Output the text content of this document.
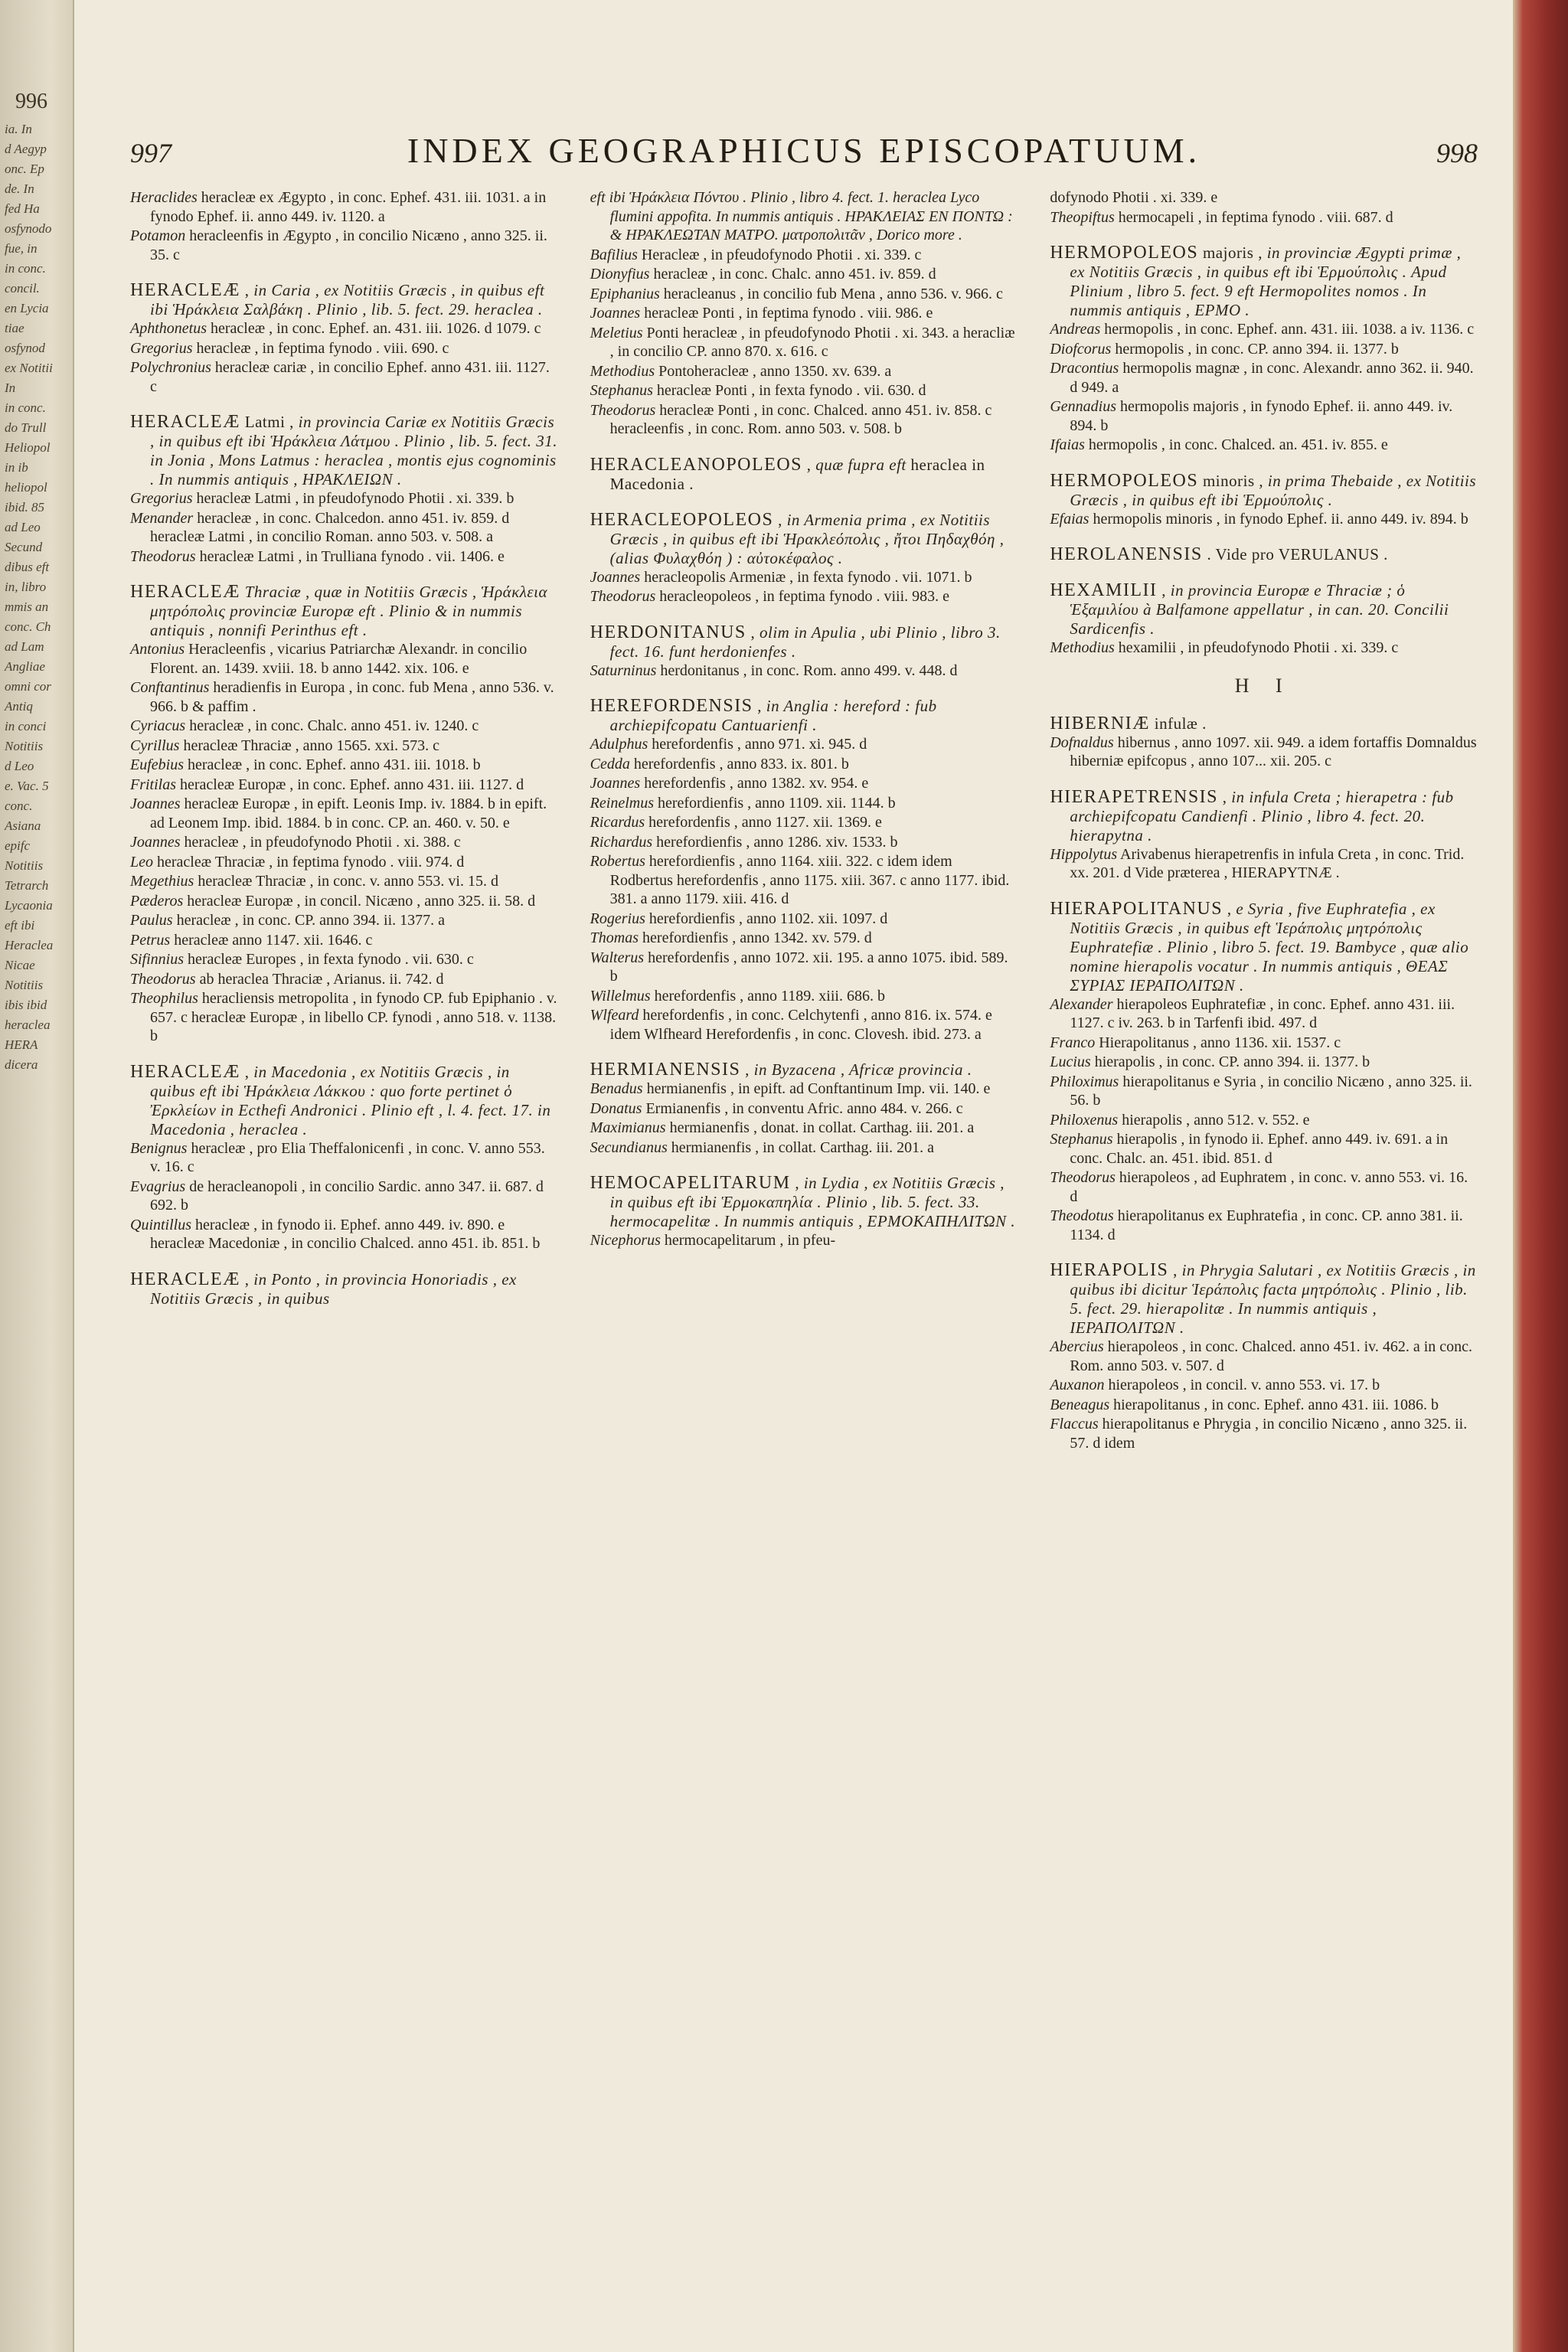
996
ia. In
d Aegyp
onc. Ep
de. In
fed Ha
osfynodo
fue, in
in conc.
concil.
en Lycia
tiae
osfynod
ex Notitii
In
in conc.
do Trull
Heliopol
in ib
heliopol
ibid. 85
ad Leo
Secund
dibus eft
in, libro
mmis an
conc. Ch
ad Lam
Angliae
omni cor
Antiq
in conci
Notitiis
d Leo
e. Vac. 5
conc.
Asiana
epifc
Notitiis
Tetrarch
Lycaonia
eft ibi
Heraclea
Nicae
Notitiis
ibis ibid
heraclea
HERA
dicera
997	INDEX GEOGRAPHICUS EPISCOPATUUM.	998
Heraclides heracleæ ex Ægypto , in conc. Ephef. 431. iii. 1031. a in fynodo Ephef. ii. anno 449. iv. 1120. a
Potamon heracleenfis in Ægypto , in concilio Nicæno , anno 325. ii. 35. c
HERACLEÆ , in Caria , ex Notitiis Græcis , in quibus eft ibi Ἡράκλεια Σαλβάκη . Plinio , lib. 5. fect. 29. heraclea .
Aphthonetus heracleæ , in conc. Ephef. an. 431. iii. 1026. d 1079. c
Gregorius heracleæ , in feptima fynodo . viii. 690. c
Polychronius heracleæ cariæ , in concilio Ephef. anno 431. iii. 1127. c
HERACLEÆ Latmi , in provincia Cariæ ex Notitiis Græcis , in quibus eft ibi Ἡράκλεια Λάτμου . Plinio , lib. 5. fect. 31. in Jonia , Mons Latmus : heraclea , montis ejus cognominis . In nummis antiquis , ΗΡΑΚΛΕΙΩΝ .
Gregorius heracleæ Latmi , in pfeudofynodo Photii . xi. 339. b
Menander heracleæ , in conc. Chalcedon. anno 451. iv. 859. d heracleæ Latmi , in concilio Roman. anno 503. v. 508. a
Theodorus heracleæ Latmi , in Trulliana fynodo . vii. 1406. e
HERACLEÆ Thraciæ , quæ in Notitiis Græcis , Ἡράκλεια μητρόπολις provinciæ Europæ eft . Plinio & in nummis antiquis , nonnifi Perinthus eft .
Antonius Heracleenfis , vicarius Patriarchæ Alexandr. in concilio Florent. an. 1439. xviii. 18. b anno 1442. xix. 106. e
Conftantinus heradienfis in Europa , in conc. fub Mena , anno 536. v. 966. b & paffim .
Cyriacus heracleæ , in conc. Chalc. anno 451. iv. 1240. c
Cyrillus heracleæ Thraciæ , anno 1565. xxi. 573. c
Eufebius heracleæ , in conc. Ephef. anno 431. iii. 1018. b
Fritilas heracleæ Europæ , in conc. Ephef. anno 431. iii. 1127. d
Joannes heracleæ Europæ , in epift. Leonis Imp. iv. 1884. b in epift. ad Leonem Imp. ibid. 1884. b in conc. CP. an. 460. v. 50. e
Joannes heracleæ , in pfeudofynodo Photii . xi. 388. c
Leo heracleæ Thraciæ , in feptima fynodo . viii. 974. d
Megethius heracleæ Thraciæ , in conc. v. anno 553. vi. 15. d
Pæderos heracleæ Europæ , in concil. Nicæno , anno 325. ii. 58. d
Paulus heracleæ , in conc. CP. anno 394. ii. 1377. a
Petrus heracleæ anno 1147. xii. 1646. c
Sifinnius heracleæ Europes , in fexta fynodo . vii. 630. c
Theodorus ab heraclea Thraciæ , Arianus. ii. 742. d
Theophilus heracliensis metropolita , in fynodo CP. fub Epiphanio . v. 657. c heracleæ Europæ , in libello CP. fynodi , anno 518. v. 1138. b
HERACLEÆ , in Macedonia , ex Notitiis Græcis , in quibus eft ibi Ἡράκλεια Λάκκου : quo forte pertinet ὁ Ἐρκλείων in Ecthefi Andronici . Plinio eft , l. 4. fect. 17. in Macedonia , heraclea .
Benignus heracleæ , pro Elia Theffalonicenfi , in conc. V. anno 553. v. 16. c
Evagrius de heracleanopoli , in concilio Sardic. anno 347. ii. 687. d 692. b
Quintillus heracleæ , in fynodo ii. Ephef. anno 449. iv. 890. e heracleæ Macedoniæ , in concilio Chalced. anno 451. ib. 851. b
HERACLEÆ , in Ponto , in provincia Honoriadis , ex Notitiis Græcis , in quibus
eft ibi Ἡράκλεια Πόντου . Plinio , libro 4. fect. 1. heraclea Lyco flumini appofita. In nummis antiquis . ΗΡΑΚΛΕΙΑΣ ΕΝ ΠΟΝΤΩ : & ΗΡΑΚΛΕΩΤΑΝ ΜΑΤΡΟ. ματροπολιτᾶν , Dorico more .
Bafilius Heracleæ , in pfeudofynodo Photii . xi. 339. c
Dionyfius heracleæ , in conc. Chalc. anno 451. iv. 859. d
Epiphanius heracleanus , in concilio fub Mena , anno 536. v. 966. c
Joannes heracleæ Ponti , in feptima fynodo . viii. 986. e
Meletius Ponti heracleæ , in pfeudofynodo Photii . xi. 343. a heracliæ , in concilio CP. anno 870. x. 616. c
Methodius Pontoheracleæ , anno 1350. xv. 639. a
Stephanus heracleæ Ponti , in fexta fynodo . vii. 630. d
Theodorus heracleæ Ponti , in conc. Chalced. anno 451. iv. 858. c heracleenfis , in conc. Rom. anno 503. v. 508. b
HERACLEANOPOLEOS , quæ fupra eft heraclea in Macedonia .
HERACLEOPOLEOS , in Armenia prima , ex Notitiis Græcis , in quibus eft ibi Ἡρακλεόπολις , ἤτοι Πηδαχθόη , (alias Φυλαχθόη ) : αὐτοκέφαλος .
Joannes heracleopolis Armeniæ , in fexta fynodo . vii. 1071. b
Theodorus heracleopoleos , in feptima fynodo . viii. 983. e
HERDONITANUS , olim in Apulia , ubi Plinio , libro 3. fect. 16. funt herdonienfes .
Saturninus herdonitanus , in conc. Rom. anno 499. v. 448. d
HEREFORDENSIS , in Anglia : hereford : fub archiepifcopatu Cantuarienfi .
Adulphus herefordenfis , anno 971. xi. 945. d
Cedda herefordenfis , anno 833. ix. 801. b
Joannes herefordenfis , anno 1382. xv. 954. e
Reinelmus herefordienfis , anno 1109. xii. 1144. b
Ricardus herefordenfis , anno 1127. xii. 1369. e
Richardus herefordienfis , anno 1286. xiv. 1533. b
Robertus herefordienfis , anno 1164. xiii. 322. c idem idem Rodbertus herefordenfis , anno 1175. xiii. 367. c anno 1177. ibid. 381. a anno 1179. xiii. 416. d
Rogerius herefordienfis , anno 1102. xii. 1097. d
Thomas herefordienfis , anno 1342. xv. 579. d
Walterus herefordenfis , anno 1072. xii. 195. a anno 1075. ibid. 589. b
Willelmus herefordenfis , anno 1189. xiii. 686. b
Wlfeard herefordenfis , in conc. Celchytenfi , anno 816. ix. 574. e idem Wlfheard Herefordenfis , in conc. Clovesh. ibid. 273. a
HERMIANENSIS , in Byzacena , Africæ provincia .
Benadus hermianenfis , in epift. ad Conftantinum Imp. vii. 140. e
Donatus Ermianenfis , in conventu Afric. anno 484. v. 266. c
Maximianus hermianenfis , donat. in collat. Carthag. iii. 201. a
Secundianus hermianenfis , in collat. Carthag. iii. 201. a
HEMOCAPELITARUM , in Lydia , ex Notitiis Græcis , in quibus eft ibi Ἑρμοκαπηλία . Plinio , lib. 5. fect. 33. hermocapelitæ . In nummis antiquis , ΕΡΜΟΚΑΠΗΛΙΤΩΝ .
Nicephorus hermocapelitarum , in pfeu-
dofynodo Photii . xi. 339. e
Theopiftus hermocapeli , in feptima fynodo . viii. 687. d
HERMOPOLEOS majoris , in provinciæ Ægypti primæ , ex Notitiis Græcis , in quibus eft ibi Ἑρμούπολις . Apud Plinium , libro 5. fect. 9 eft Hermopolites nomos . In nummis antiquis , ΕΡΜΟ .
Andreas hermopolis , in conc. Ephef. ann. 431. iii. 1038. a iv. 1136. c
Diofcorus hermopolis , in conc. CP. anno 394. ii. 1377. b
Dracontius hermopolis magnæ , in conc. Alexandr. anno 362. ii. 940. d 949. a
Gennadius hermopolis majoris , in fynodo Ephef. ii. anno 449. iv. 894. b
Ifaias hermopolis , in conc. Chalced. an. 451. iv. 855. e
HERMOPOLEOS minoris , in prima Thebaide , ex Notitiis Græcis , in quibus eft ibi Ἑρμούπολις .
Efaias hermopolis minoris , in fynodo Ephef. ii. anno 449. iv. 894. b
HEROLANENSIS . Vide pro VERULANUS .
HEXAMILII , in provincia Europæ e Thraciæ ; ὁ Ἑξαμιλίου à Balfamone appellatur , in can. 20. Concilii Sardicenfis .
Methodius hexamilii , in pfeudofynodo Photii . xi. 339. c
H I
HIBERNIÆ infulæ .
Dofnaldus hibernus , anno 1097. xii. 949. a idem fortaffis Domnaldus hiberniæ epifcopus , anno 107... xii. 205. c
HIERAPETRENSIS , in infula Creta ; hierapetra : fub archiepifcopatu Candienfi . Plinio , libro 4. fect. 20. hierapytna .
Hippolytus Arivabenus hierapetrenfis in infula Creta , in conc. Trid. xx. 201. d Vide præterea , HIERAPYTNÆ .
HIERAPOLITANUS , e Syria , five Euphratefia , ex Notitiis Græcis , in quibus eft Ἱεράπολις μητρόπολις Euphratefiæ . Plinio , libro 5. fect. 19. Bambyce , quæ alio nomine hierapolis vocatur . In nummis antiquis , ΘΕΑΣ ΣΥΡΙΑΣ ΙΕΡΑΠΟΛΙΤΩΝ .
Alexander hierapoleos Euphratefiæ , in conc. Ephef. anno 431. iii. 1127. c iv. 263. b in Tarfenfi ibid. 497. d
Franco Hierapolitanus , anno 1136. xii. 1537. c
Lucius hierapolis , in conc. CP. anno 394. ii. 1377. b
Philoximus hierapolitanus e Syria , in concilio Nicæno , anno 325. ii. 56. b
Philoxenus hierapolis , anno 512. v. 552. e
Stephanus hierapolis , in fynodo ii. Ephef. anno 449. iv. 691. a in conc. Chalc. an. 451. ibid. 851. d
Theodorus hierapoleos , ad Euphratem , in conc. v. anno 553. vi. 16. d
Theodotus hierapolitanus ex Euphratefia , in conc. CP. anno 381. ii. 1134. d
HIERAPOLIS , in Phrygia Salutari , ex Notitiis Græcis , in quibus ibi dicitur Ἱεράπολις facta μητρόπολις . Plinio , lib. 5. fect. 29. hierapolitæ . In nummis antiquis , ΙΕΡΑΠΟΛΙΤΩΝ .
Abercius hierapoleos , in conc. Chalced. anno 451. iv. 462. a in conc. Rom. anno 503. v. 507. d
Auxanon hierapoleos , in concil. v. anno 553. vi. 17. b
Beneagus hierapolitanus , in conc. Ephef. anno 431. iii. 1086. b
Flaccus hierapolitanus e Phrygia , in concilio Nicæno , anno 325. ii. 57. d idem
